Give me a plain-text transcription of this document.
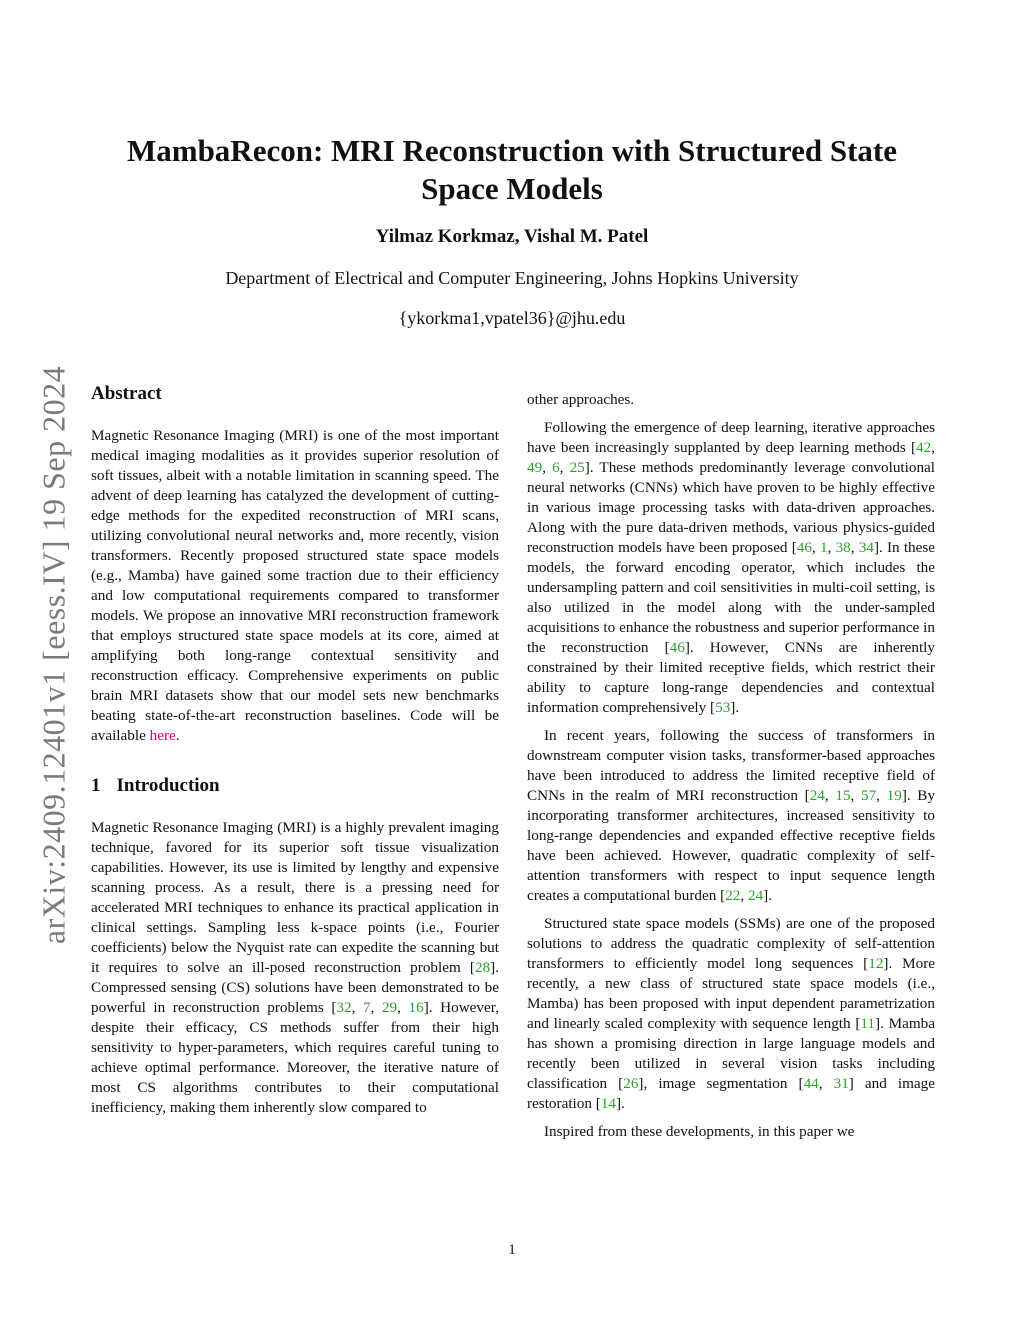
arXiv:2409.12401v1 [eess.IV] 19 Sep 2024
MambaRecon: MRI Reconstruction with Structured State
Space Models
Yilmaz Korkmaz, Vishal M. Patel
Department of Electrical and Computer Engineering, Johns Hopkins University
{ykorkma1,vpatel36}@jhu.edu
Abstract

Magnetic Resonance Imaging (MRI) is one of the most important medical imaging modalities as it provides superior resolution of soft tissues, albeit with a notable limitation in scanning speed. The advent of deep learning has catalyzed the development of cutting-edge methods for the expedited reconstruction of MRI scans, utilizing convolutional neural networks and, more recently, vision transformers. Recently proposed structured state space models (e.g., Mamba) have gained some traction due to their efficiency and low computational requirements compared to transformer models. We propose an innovative MRI reconstruction framework that employs structured state space models at its core, aimed at amplifying both long-range contextual sensitivity and reconstruction efficacy. Comprehensive experiments on public brain MRI datasets show that our model sets new benchmarks beating state-of-the-art reconstruction baselines. Code will be available here.

1 Introduction

Magnetic Resonance Imaging (MRI) is a highly prevalent imaging technique, favored for its superior soft tissue visualization capabilities. However, its use is limited by lengthy and expensive scanning process. As a result, there is a pressing need for accelerated MRI techniques to enhance its practical application in clinical settings. Sampling less k-space points (i.e., Fourier coefficients) below the Nyquist rate can expedite the scanning but it requires to solve an ill-posed reconstruction problem [28]. Compressed sensing (CS) solutions have been demonstrated to be powerful in reconstruction problems [32, 7, 29, 16]. However, despite their efficacy, CS methods suffer from their high sensitivity to hyper-parameters, which requires careful tuning to achieve optimal performance. Moreover, the iterative nature of most CS algorithms contributes to their computational inefficiency, making them inherently slow compared to

other approaches.

Following the emergence of deep learning, iterative approaches have been increasingly supplanted by deep learning methods [42, 49, 6, 25]. These methods predominantly leverage convolutional neural networks (CNNs) which have proven to be highly effective in various image processing tasks with data-driven approaches. Along with the pure data-driven methods, various physics-guided reconstruction models have been proposed [46, 1, 38, 34]. In these models, the forward encoding operator, which includes the undersampling pattern and coil sensitivities in multi-coil setting, is also utilized in the model along with the under-sampled acquisitions to enhance the robustness and superior performance in the reconstruction [46]. However, CNNs are inherently constrained by their limited receptive fields, which restrict their ability to capture long-range dependencies and contextual information comprehensively [53].

In recent years, following the success of transformers in downstream computer vision tasks, transformer-based approaches have been introduced to address the limited receptive field of CNNs in the realm of MRI reconstruction [24, 15, 57, 19]. By incorporating transformer architectures, increased sensitivity to long-range dependencies and expanded effective receptive fields have been achieved. However, quadratic complexity of self-attention transformers with respect to input sequence length creates a computational burden [22, 24].

Structured state space models (SSMs) are one of the proposed solutions to address the quadratic complexity of self-attention transformers to efficiently model long sequences [12]. More recently, a new class of structured state space models (i.e., Mamba) has been proposed with input dependent parametrization and linearly scaled complexity with sequence length [11]. Mamba has shown a promising direction in large language models and recently been utilized in several vision tasks including classification [26], image segmentation [44, 31] and image restoration [14].

Inspired from these developments, in this paper we

1
